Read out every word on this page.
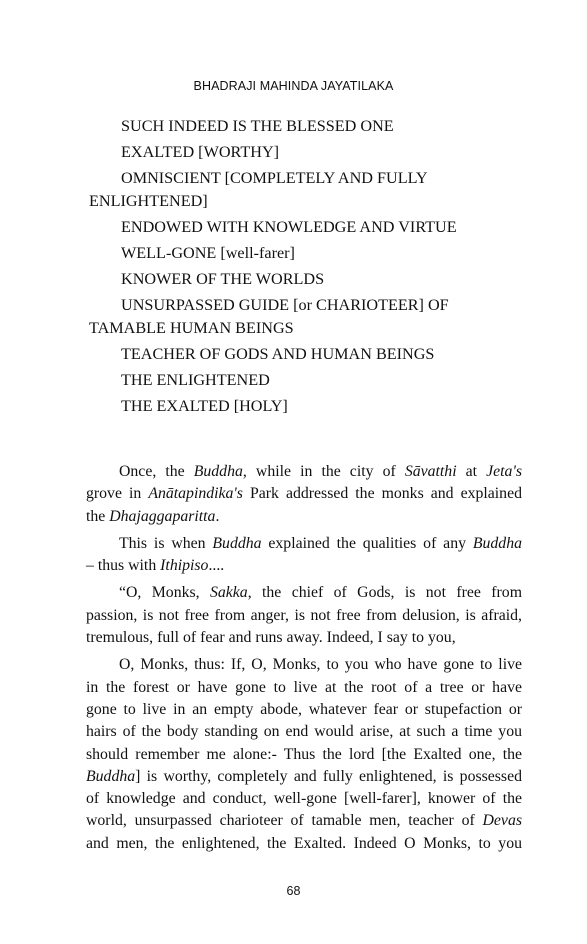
BHADRAJI MAHINDA JAYATILAKA
SUCH INDEED IS THE BLESSED ONE
EXALTED [WORTHY]
OMNISCIENT [COMPLETELY AND FULLY
ENLIGHTENED]
ENDOWED WITH KNOWLEDGE AND VIRTUE
WELL-GONE [well-farer]
KNOWER OF THE WORLDS
UNSURPASSED GUIDE [or CHARIOTEER] OF
TAMABLE HUMAN BEINGS
TEACHER OF GODS AND HUMAN BEINGS
THE ENLIGHTENED
THE EXALTED [HOLY]
Once, the Buddha, while in the city of Sāvatthi at Jeta's
grove in Anātapindika's Park addressed the monks and explained
the Dhajaggaparitta.
This is when Buddha explained the qualities of any Buddha
– thus with Ithipiso....
“O, Monks, Sakka, the chief of Gods, is not free from
passion, is not free from anger, is not free from delusion, is afraid,
tremulous, full of fear and runs away. Indeed, I say to you,
O, Monks, thus: If, O, Monks, to you who have gone to live
in the forest or have gone to live at the root of a tree or have
gone to live in an empty abode, whatever fear or stupefaction or
hairs of the body standing on end would arise, at such a time you
should remember me alone:- Thus the lord [the Exalted one, the
Buddha] is worthy, completely and fully enlightened, is possessed
of knowledge and conduct, well-gone [well-farer], knower of the
world, unsurpassed charioteer of tamable men, teacher of Devas
and men, the enlightened, the Exalted. Indeed O Monks, to you
68
